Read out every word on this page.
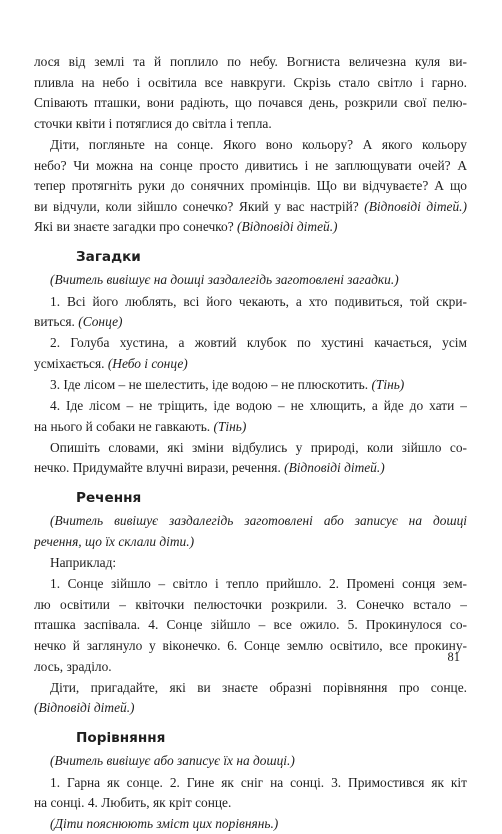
лося від землі та й поплило по небу. Вогниста величезна куля ви-
пливла на небо і освітила все навкруги. Скрізь стало світло і гарно.
Співають пташки, вони радіють, що почався день, розкрили свої пелю-
сточки квіти і потяглися до світла і тепла.
Діти, погляньте на сонце. Якого воно кольору? А якого кольору
небо? Чи можна на сонце просто дивитись і не заплющувати очей? А
тепер протягніть руки до сонячних промінців. Що ви відчуваєте? А що
ви відчули, коли зійшло сонечко? Який у вас настрій? (Відповіді дітей.)
Які ви знаєте загадки про сонечко? (Відповіді дітей.)
Загадки
(Вчитель вивішує на дошці заздалегідь заготовлені загадки.)
1. Всі його люблять, всі його чекають, а хто подивиться, той скри-
виться. (Сонце)
2. Голуба хустина, а жовтий клубок по хустині качається, усім
усміхається. (Небо і сонце)
3. Іде лісом – не шелестить, іде водою – не плюскотить. (Тінь)
4. Іде лісом – не тріщить, іде водою – не хлющить, а йде до хати –
на нього й собаки не гавкають. (Тінь)
Опишіть словами, які зміни відбулись у природі, коли зійшло со-
нечко. Придумайте влучні вирази, речення. (Відповіді дітей.)
Речення
(Вчитель вивішує заздалегідь заготовлені або записує на дошці
речення, що їх склали діти.)
Наприклад:
1. Сонце зійшло – світло і тепло прийшло. 2. Промені сонця зем-
лю освітили – квіточки пелюсточки розкрили. 3. Сонечко встало –
пташка заспівала. 4. Сонце зійшло – все ожило. 5. Прокинулося со-
нечко й заглянуло у віконечко. 6. Сонце землю освітило, все прокину-
лось, зраділо.
Діти, пригадайте, які ви знаєте образні порівняння про сонце.
(Відповіді дітей.)
Порівняння
(Вчитель вивішує або записує їх на дошці.)
1. Гарна як сонце. 2. Гине як сніг на сонці. 3. Примостився як кіт
на сонці. 4. Любить, як кріт сонце.
(Діти пояснюють зміст цих порівнянь.)
81
